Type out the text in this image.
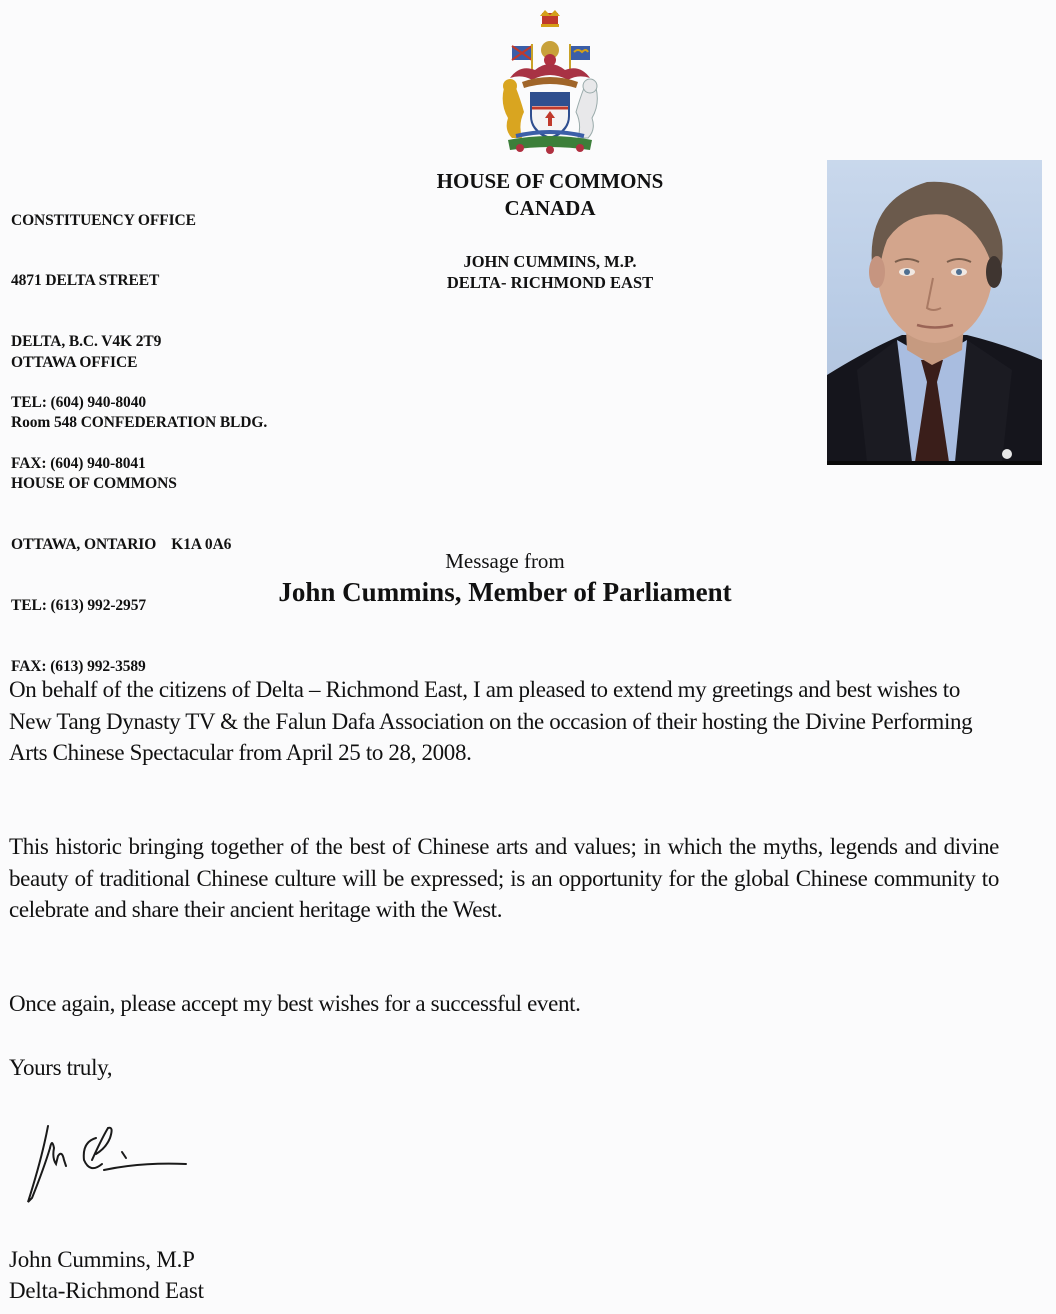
CONSTITUENCY OFFICE

4871 DELTA STREET

DELTA, B.C. V4K 2T9

TEL: (604) 940-8040

FAX: (604) 940-8041

OTTAWA OFFICE

Room 548 CONFEDERATION BLDG.

HOUSE OF COMMONS

OTTAWA, ONTARIO    K1A 0A6

TEL: (613) 992-2957

FAX: (613) 992-3589

HOUSE OF COMMONS
CANADA
JOHN CUMMINS, M.P.
DELTA- RICHMOND EAST
Message from
John Cummins, Member of Parliament
On behalf of the citizens of Delta – Richmond East, I am pleased to extend my greetings and best wishes to New Tang Dynasty TV & the Falun Dafa Association on the occasion of their hosting the Divine Performing Arts Chinese Spectacular from April 25 to 28, 2008.
This historic bringing together of the best of Chinese arts and values; in which the myths, legends and divine beauty of traditional Chinese culture will be expressed; is an opportunity for the global Chinese community to celebrate and share their ancient heritage with the West.
Once again, please accept my best wishes for a successful event.
Yours truly,
John Cummins, M.P
Delta-Richmond East
